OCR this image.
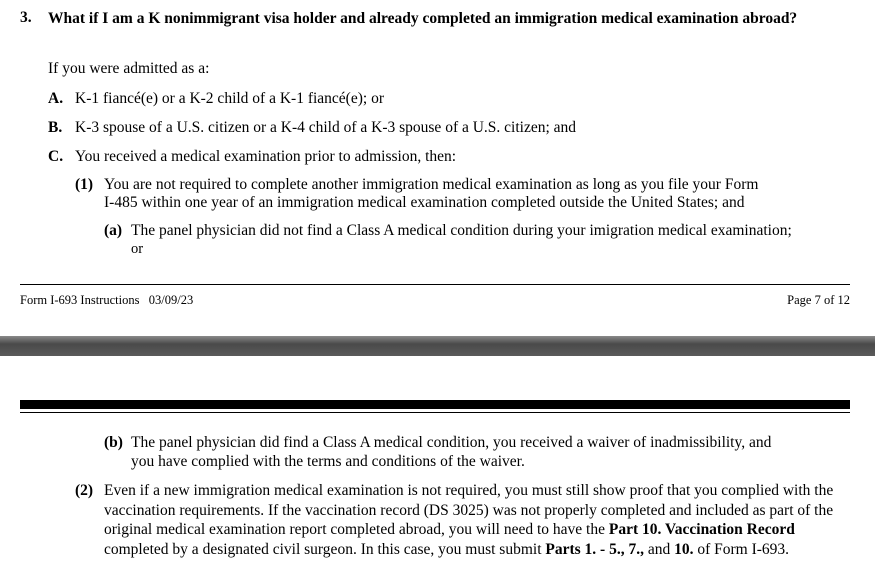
3. What if I am a K nonimmigrant visa holder and already completed an immigration medical examination abroad?
If you were admitted as a:
A. K-1 fiancé(e) or a K-2 child of a K-1 fiancé(e); or
B. K-3 spouse of a U.S. citizen or a K-4 child of a K-3 spouse of a U.S. citizen; and
C. You received a medical examination prior to admission, then:
(1) You are not required to complete another immigration medical examination as long as you file your Form
I-485 within one year of an immigration medical examination completed outside the United States; and
(a) The panel physician did not find a Class A medical condition during your imigration medical examination;
or
Form I-693 Instructions   03/09/23	Page 7 of 12
(b) The panel physician did find a Class A medical condition, you received a waiver of inadmissibility, and
you have complied with the terms and conditions of the waiver.
(2) Even if a new immigration medical examination is not required, you must still show proof that you complied with the vaccination requirements. If the vaccination record (DS 3025) was not properly completed and included as part of the original medical examination report completed abroad, you will need to have the Part 10. Vaccination Record completed by a designated civil surgeon. In this case, you must submit Parts 1. - 5., 7., and 10. of Form I-693.
